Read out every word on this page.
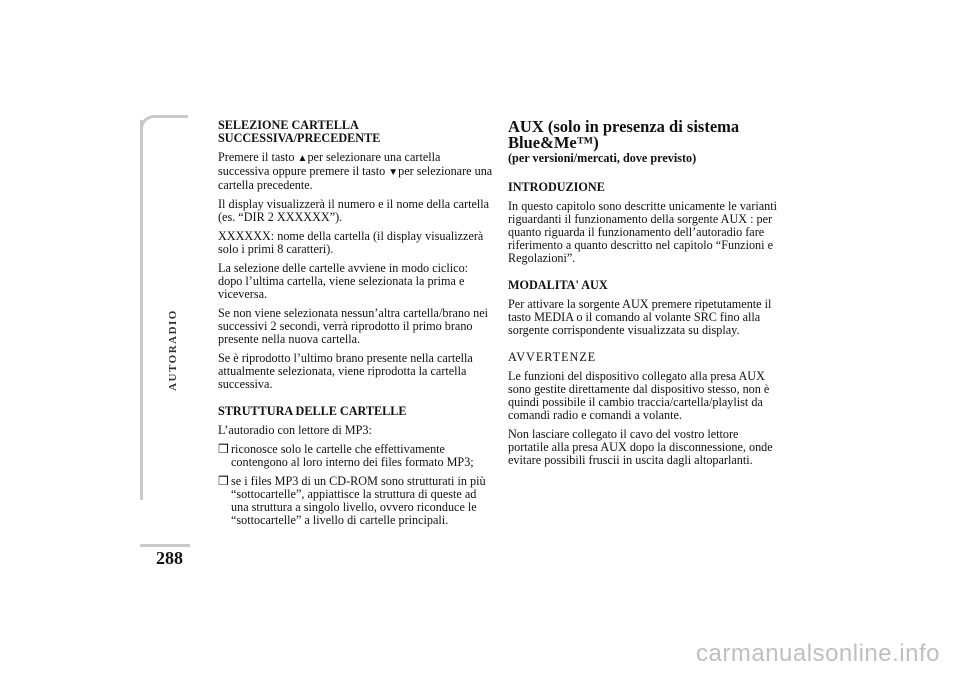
AUTORADIO
288
SELEZIONE CARTELLA SUCCESSIVA/PRECEDENTE

Premere il tasto ▲per selezionare una cartella successiva oppure premere il tasto ▼per selezionare una cartella precedente.

Il display visualizzerà il numero e il nome della cartella (es. “DIR 2 XXXXXX”).

XXXXXX: nome della cartella (il display visualizzerà solo i primi 8 caratteri).

La selezione delle cartelle avviene in modo ciclico: dopo l’ultima cartella, viene selezionata la prima e viceversa.

Se non viene selezionata nessun’altra cartella/brano nei successivi 2 secondi, verrà riprodotto il primo brano presente nella nuova cartella.

Se è riprodotto l’ultimo brano presente nella cartella attualmente selezionata, viene riprodotta la cartella successiva.

STRUTTURA DELLE CARTELLE

L’autoradio con lettore di MP3:

❒ riconosce solo le cartelle che effettivamente contengono al loro interno dei files formato MP3;
❒ se i files MP3 di un CD-ROM sono strutturati in più “sottocartelle”, appiattisce la struttura di queste ad una struttura a singolo livello, ovvero riconduce le “sottocartelle” a livello di cartelle principali.
AUX (solo in presenza di sistema Blue&Me™)
(per versioni/mercati, dove previsto)
INTRODUZIONE

In questo capitolo sono descritte unicamente le varianti riguardanti il funzionamento della sorgente AUX : per quanto riguarda il funzionamento dell’autoradio fare riferimento a quanto descritto nel capitolo “Funzioni e Regolazioni”.

MODALITA' AUX

Per attivare la sorgente AUX premere ripetutamente il tasto MEDIA o il comando al volante SRC fino alla sorgente corrispondente visualizzata su display.

AVVERTENZE

Le funzioni del dispositivo collegato alla presa AUX sono gestite direttamente dal dispositivo stesso, non è quindi possibile il cambio traccia/cartella/playlist da comandi radio e comandi a volante.

Non lasciare collegato il cavo del vostro lettore portatile alla presa AUX dopo la disconnessione, onde evitare possibili fruscii in uscita dagli altoparlanti.

carmanualsonline.info
